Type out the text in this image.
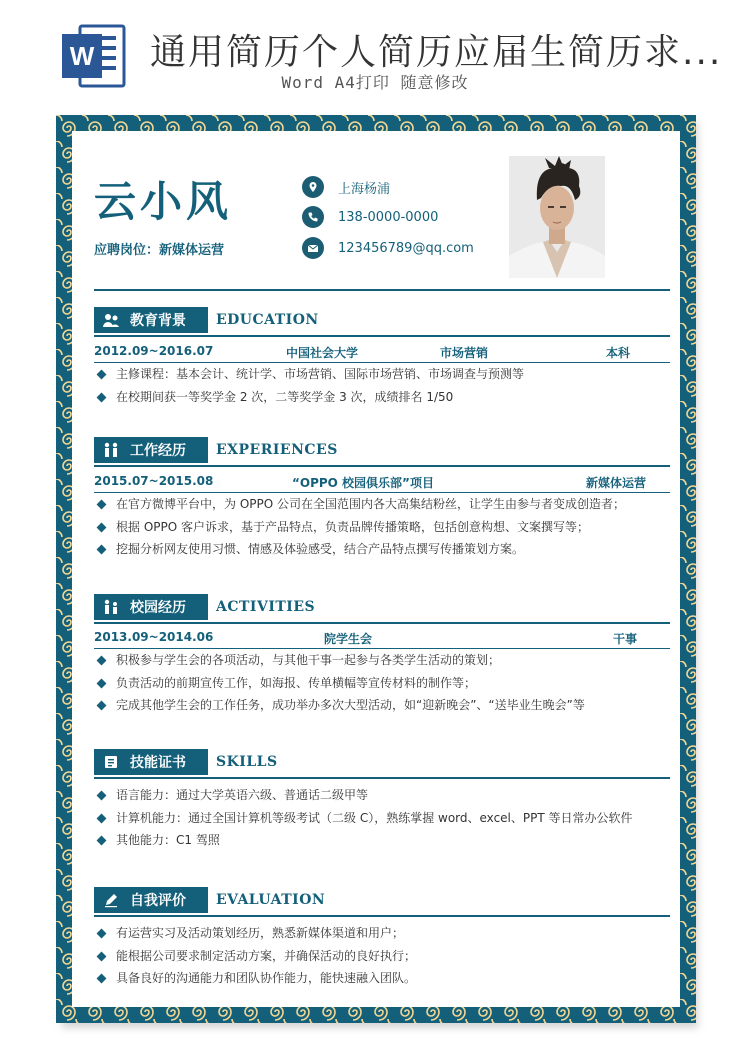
W 通用简历个人简历应届生简历求...
Word A4打印 随意修改
云小风
应聘岗位：新媒体运营
上海杨浦
138-0000-0000
123456789@qq.com
教育背景 EDUCATION
2012.09~2016.07	中国社会大学	市场营销	本科
主修课程：基本会计、统计学、市场营销、国际市场营销、市场调查与预测等
在校期间获一等奖学金 2 次，二等奖学金 3 次，成绩排名 1/50
工作经历 EXPERIENCES
2015.07~2015.08	“OPPO 校园俱乐部”项目	新媒体运营
在官方微博平台中，为 OPPO 公司在全国范围内各大高集结粉丝，让学生由参与者变成创造者；
根据 OPPO 客户诉求，基于产品特点，负责品牌传播策略，包括创意构想、文案撰写等；
挖掘分析网友使用习惯、情感及体验感受，结合产品特点撰写传播策划方案。
校园经历 ACTIVITIES
2013.09~2014.06	院学生会	干事
积极参与学生会的各项活动，与其他干事一起参与各类学生活动的策划；
负责活动的前期宣传工作，如海报、传单横幅等宣传材料的制作等；
完成其他学生会的工作任务，成功举办多次大型活动，如“迎新晚会”、“送毕业生晚会”等
技能证书 SKILLS
语言能力：通过大学英语六级、普通话二级甲等
计算机能力：通过全国计算机等级考试（二级 C），熟练掌握 word、excel、PPT 等日常办公软件
其他能力：C1 驾照
自我评价 EVALUATION
有运营实习及活动策划经历，熟悉新媒体渠道和用户；
能根据公司要求制定活动方案，并确保活动的良好执行；
具备良好的沟通能力和团队协作能力，能快速融入团队。
